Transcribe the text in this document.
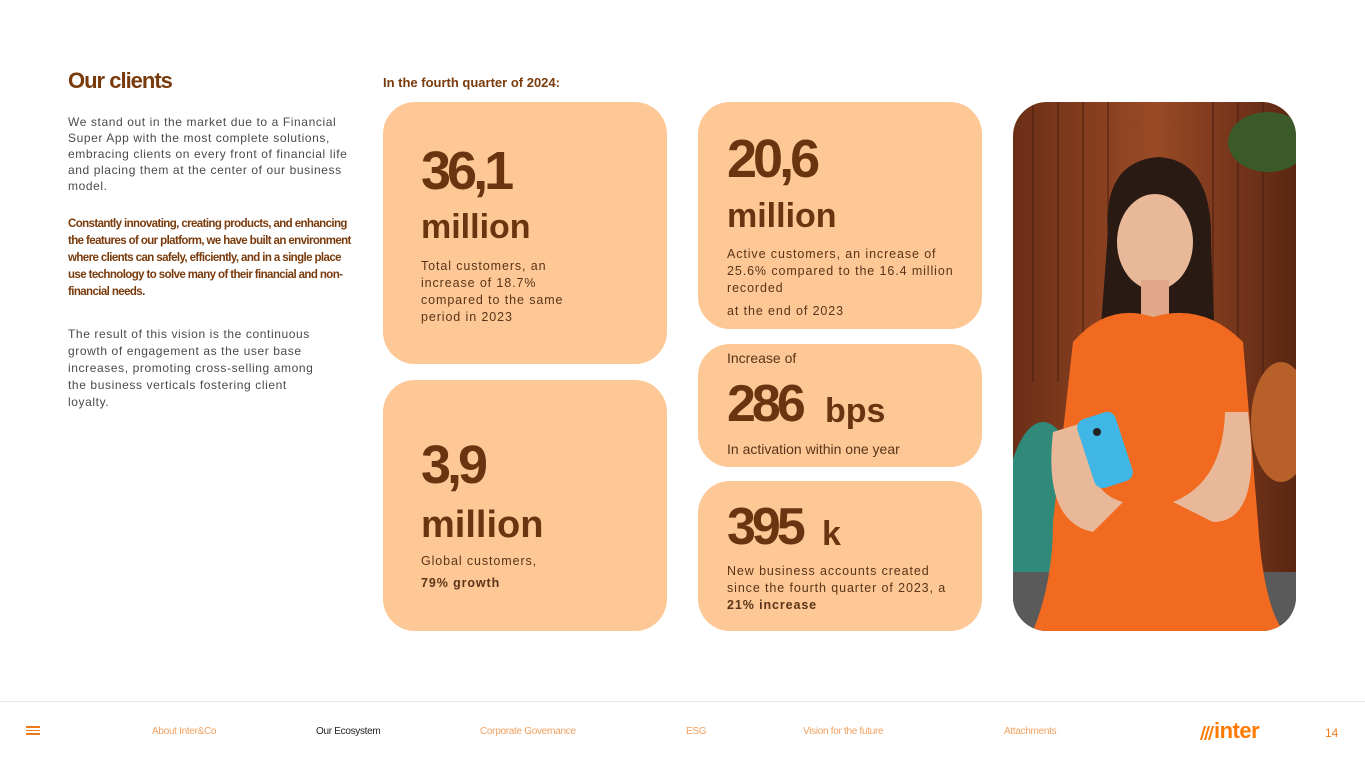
Our clients
We stand out in the market due to a Financial Super App with the most complete solutions, embracing clients on every front of financial life and placing them at the center of our business model.
Constantly innovating, creating products, and enhancing the features of our platform, we have built an environment where clients can safely, efficiently, and in a single place use technology to solve many of their financial and non-financial needs.
The result of this vision is the continuous growth of engagement as the user base increases, promoting cross-selling among the business verticals fostering client loyalty.
In the fourth quarter of 2024:
36,1
million
Total customers, an increase of 18.7% compared to the same period in 2023
20,6
million
Active customers, an increase of 25.6% compared to the 16.4 million recorded
at the end of 2023
Increase of
286 bps
In activation within one year
3,9
million
Global customers,
79% growth
395 k
New business accounts created since the fourth quarter of 2023, a
21% increase
About Inter&Co	Our Ecosystem	Corporate Governance	ESG	Vision for the future	Attachments	inter	14
